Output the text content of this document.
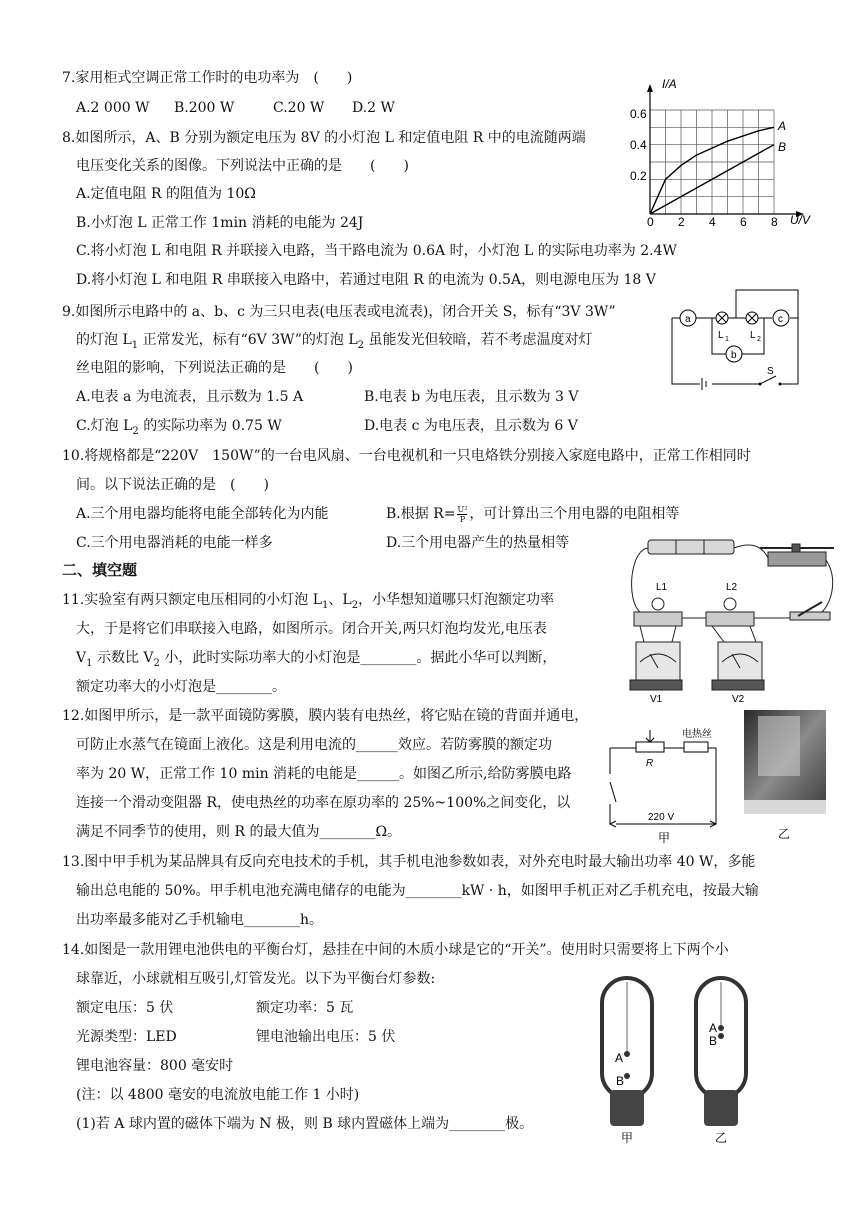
7.家用柜式空调正常工作时的电功率为　(　　)
A.2 000 W B.200 W	C.20 W D.2 W
8.如图所示，A、B 分别为额定电压为 8V 的小灯泡 L 和定值电阻 R 中的电流随两端
电压变化关系的图像。下列说法中正确的是　　(　　)
A.定值电阻 R 的阻值为 10Ω
B.小灯泡 L 正常工作 1min 消耗的电能为 24J
C.将小灯泡 L 和电阻 R 并联接入电路，当干路电流为 0.6A 时，小灯泡 L 的实际电功率为 2.4W
D.将小灯泡 L 和电阻 R 串联接入电路中，若通过电阻 R 的电流为 0.5A，则电源电压为 18 V
I/A
U/V
0.6
0.4
0.2
0 2 4 6 8
A
B
9.如图所示电路中的 a、b、c 为三只电表(电压表或电流表)，闭合开关 S，标有“3V 3W”
的灯泡 $L_1$ 正常发光，标有“6V 3W”的灯泡 $L_2$ 虽能发光但较暗，若不考虑温度对灯
丝电阻的影响，下列说法正确的是　　(　　)
A.电表 a 为电流表，且示数为 1.5 A	B.电表 b 为电压表，且示数为 3 V
C.灯泡 $L_2$ 的实际功率为 0.75 W	D.电表 c 为电压表，且示数为 6 V
a	c
b
L 1 L 2
S
10.将规格都是“220V　150W”的一台电风扇、一台电视机和一只电烙铁分别接入家庭电路中，正常工作相同时
间。以下说法正确的是　(　　)
A.三个用电器均能将电能全部转化为内能	B.根据 $R= \frac{\text{U²}}{P}$ ，可计算出三个用电器的电阻相等
C.三个用电器消耗的电能一样多	D.三个用电器产生的热量相等
二、填空题
11.实验室有两只额定电压相同的小灯泡 $L_1$、$L_2$，小华想知道哪只灯泡额定功率
大，于是将它们串联接入电路，如图所示。闭合开关,两只灯泡均发光,电压表
$V_1$ 示数比 $V_2$ 小，此时实际功率大的小灯泡是________。据此小华可以判断，
额定功率大的小灯泡是________。
L1	L2
V1	V2
12.如图甲所示，是一款平面镜防雾膜，膜内装有电热丝，将它贴在镜的背面并通电，
可防止水蒸气在镜面上液化。这是利用电流的______效应。若防雾膜的额定功
率为 20 W，正常工作 10 min 消耗的电能是______。如图乙所示,给防雾膜电路
连接一个滑动变阻器 R，使电热丝的功率在原功率的 25%~100%之间变化，以
满足不同季节的使用，则 R 的最大值为________Ω。
电热丝
R
220 V
甲	乙
13.图中甲手机为某品牌具有反向充电技术的手机，其手机电池参数如表，对外充电时最大输出功率 40 W，多能
输出总电能的 50%。甲手机电池充满电储存的电能为________kW · h，如图甲手机正对乙手机充电，按最大输
出功率最多能对乙手机输电________h。
14.如图是一款用锂电池供电的平衡台灯，悬挂在中间的木质小球是它的“开关”。使用时只需要将上下两个小
球靠近，小球就相互吸引,灯管发光。以下为平衡台灯参数:
额定电压：5 伏	额定功率：5 瓦
光源类型：LED	锂电池输出电压：5 伏
锂电池容量：800 毫安时
(注：以 4800 毫安的电流放电能工作 1 小时)
(1)若 A 球内置的磁体下端为 N 极，则 B 球内置磁体上端为________极。
A
B
A
B
甲	乙
